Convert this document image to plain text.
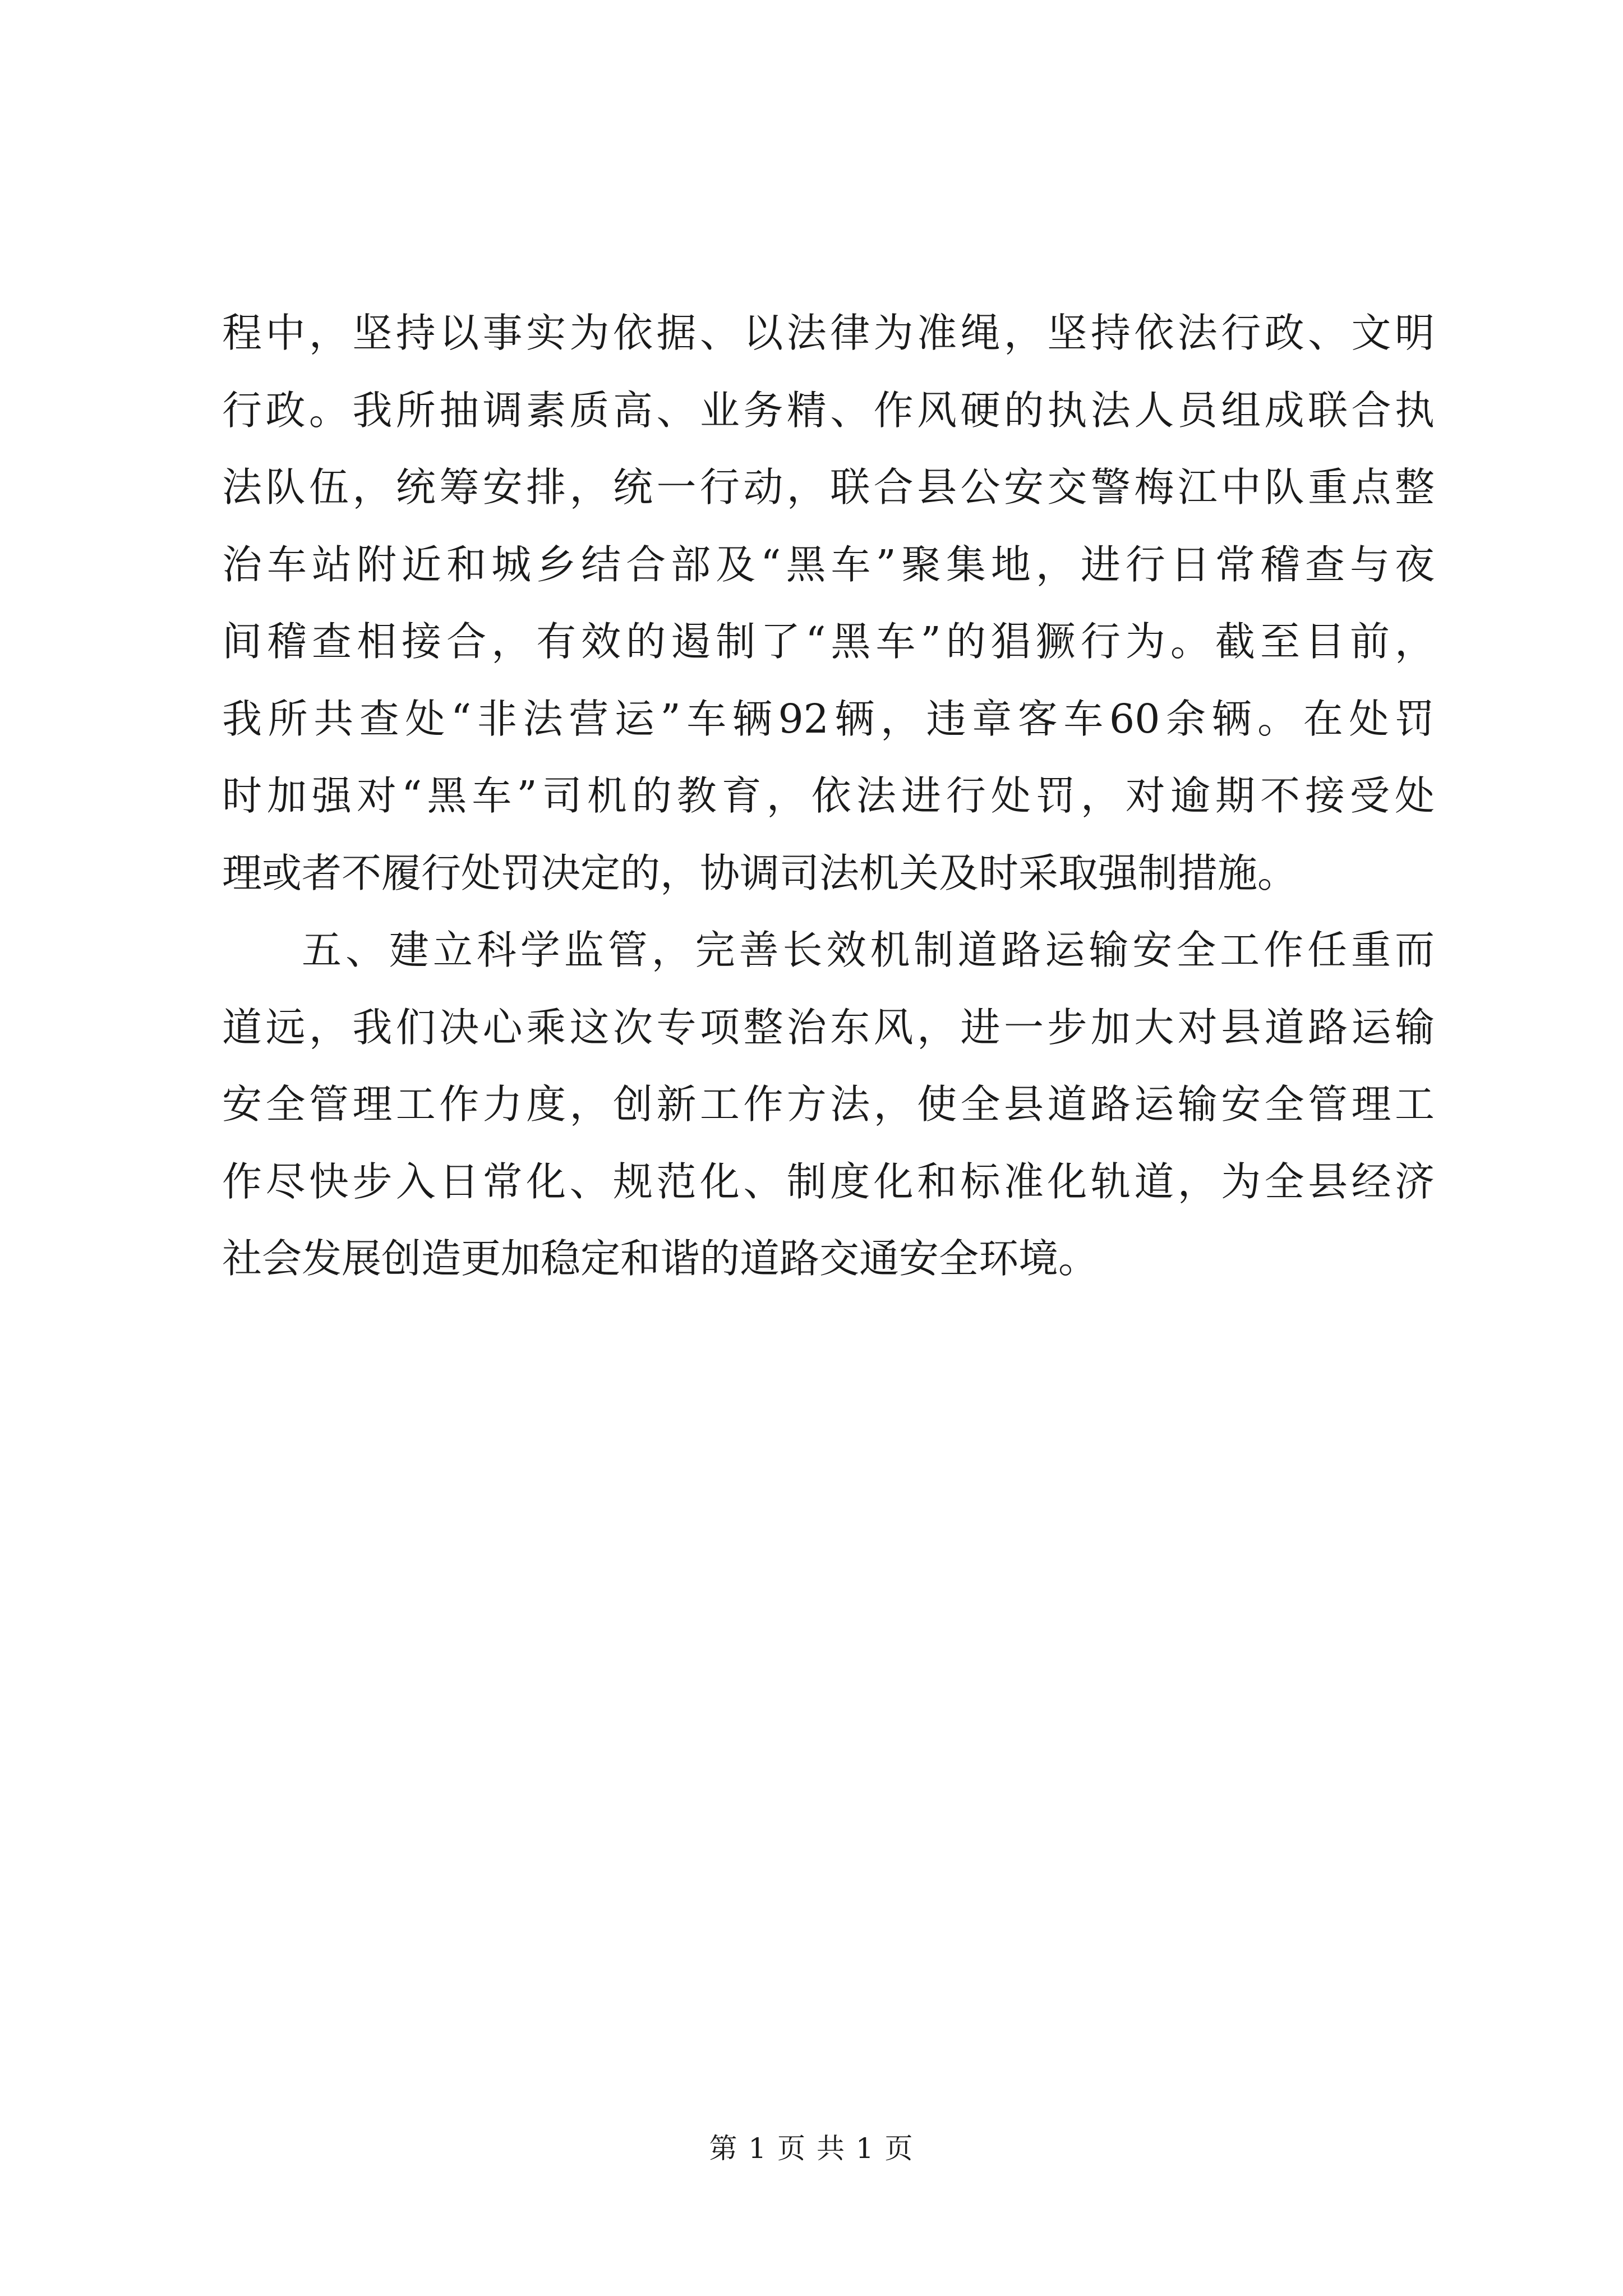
程中，坚持以事实为依据、以法律为准绳，坚持依法行政、文明
行政。我所抽调素质高、业务精、作风硬的执法人员组成联合执
法队伍，统筹安排，统一行动，联合县公安交警梅江中队重点整
治车站附近和城乡结合部及“黑车”聚集地，进行日常稽查与夜
间稽查相接合，有效的遏制了“黑车”的猖獗行为。截至目前，
我所共查处“非法营运”车辆92辆，违章客车60余辆。在处罚
时加强对“黑车”司机的教育，依法进行处罚，对逾期不接受处
理或者不履行处罚决定的，协调司法机关及时采取强制措施。
五、建立科学监管，完善长效机制道路运输安全工作任重而
道远，我们决心乘这次专项整治东风，进一步加大对县道路运输
安全管理工作力度，创新工作方法，使全县道路运输安全管理工
作尽快步入日常化、规范化、制度化和标准化轨道，为全县经济
社会发展创造更加稳定和谐的道路交通安全环境。
第 1 页 共 1 页
